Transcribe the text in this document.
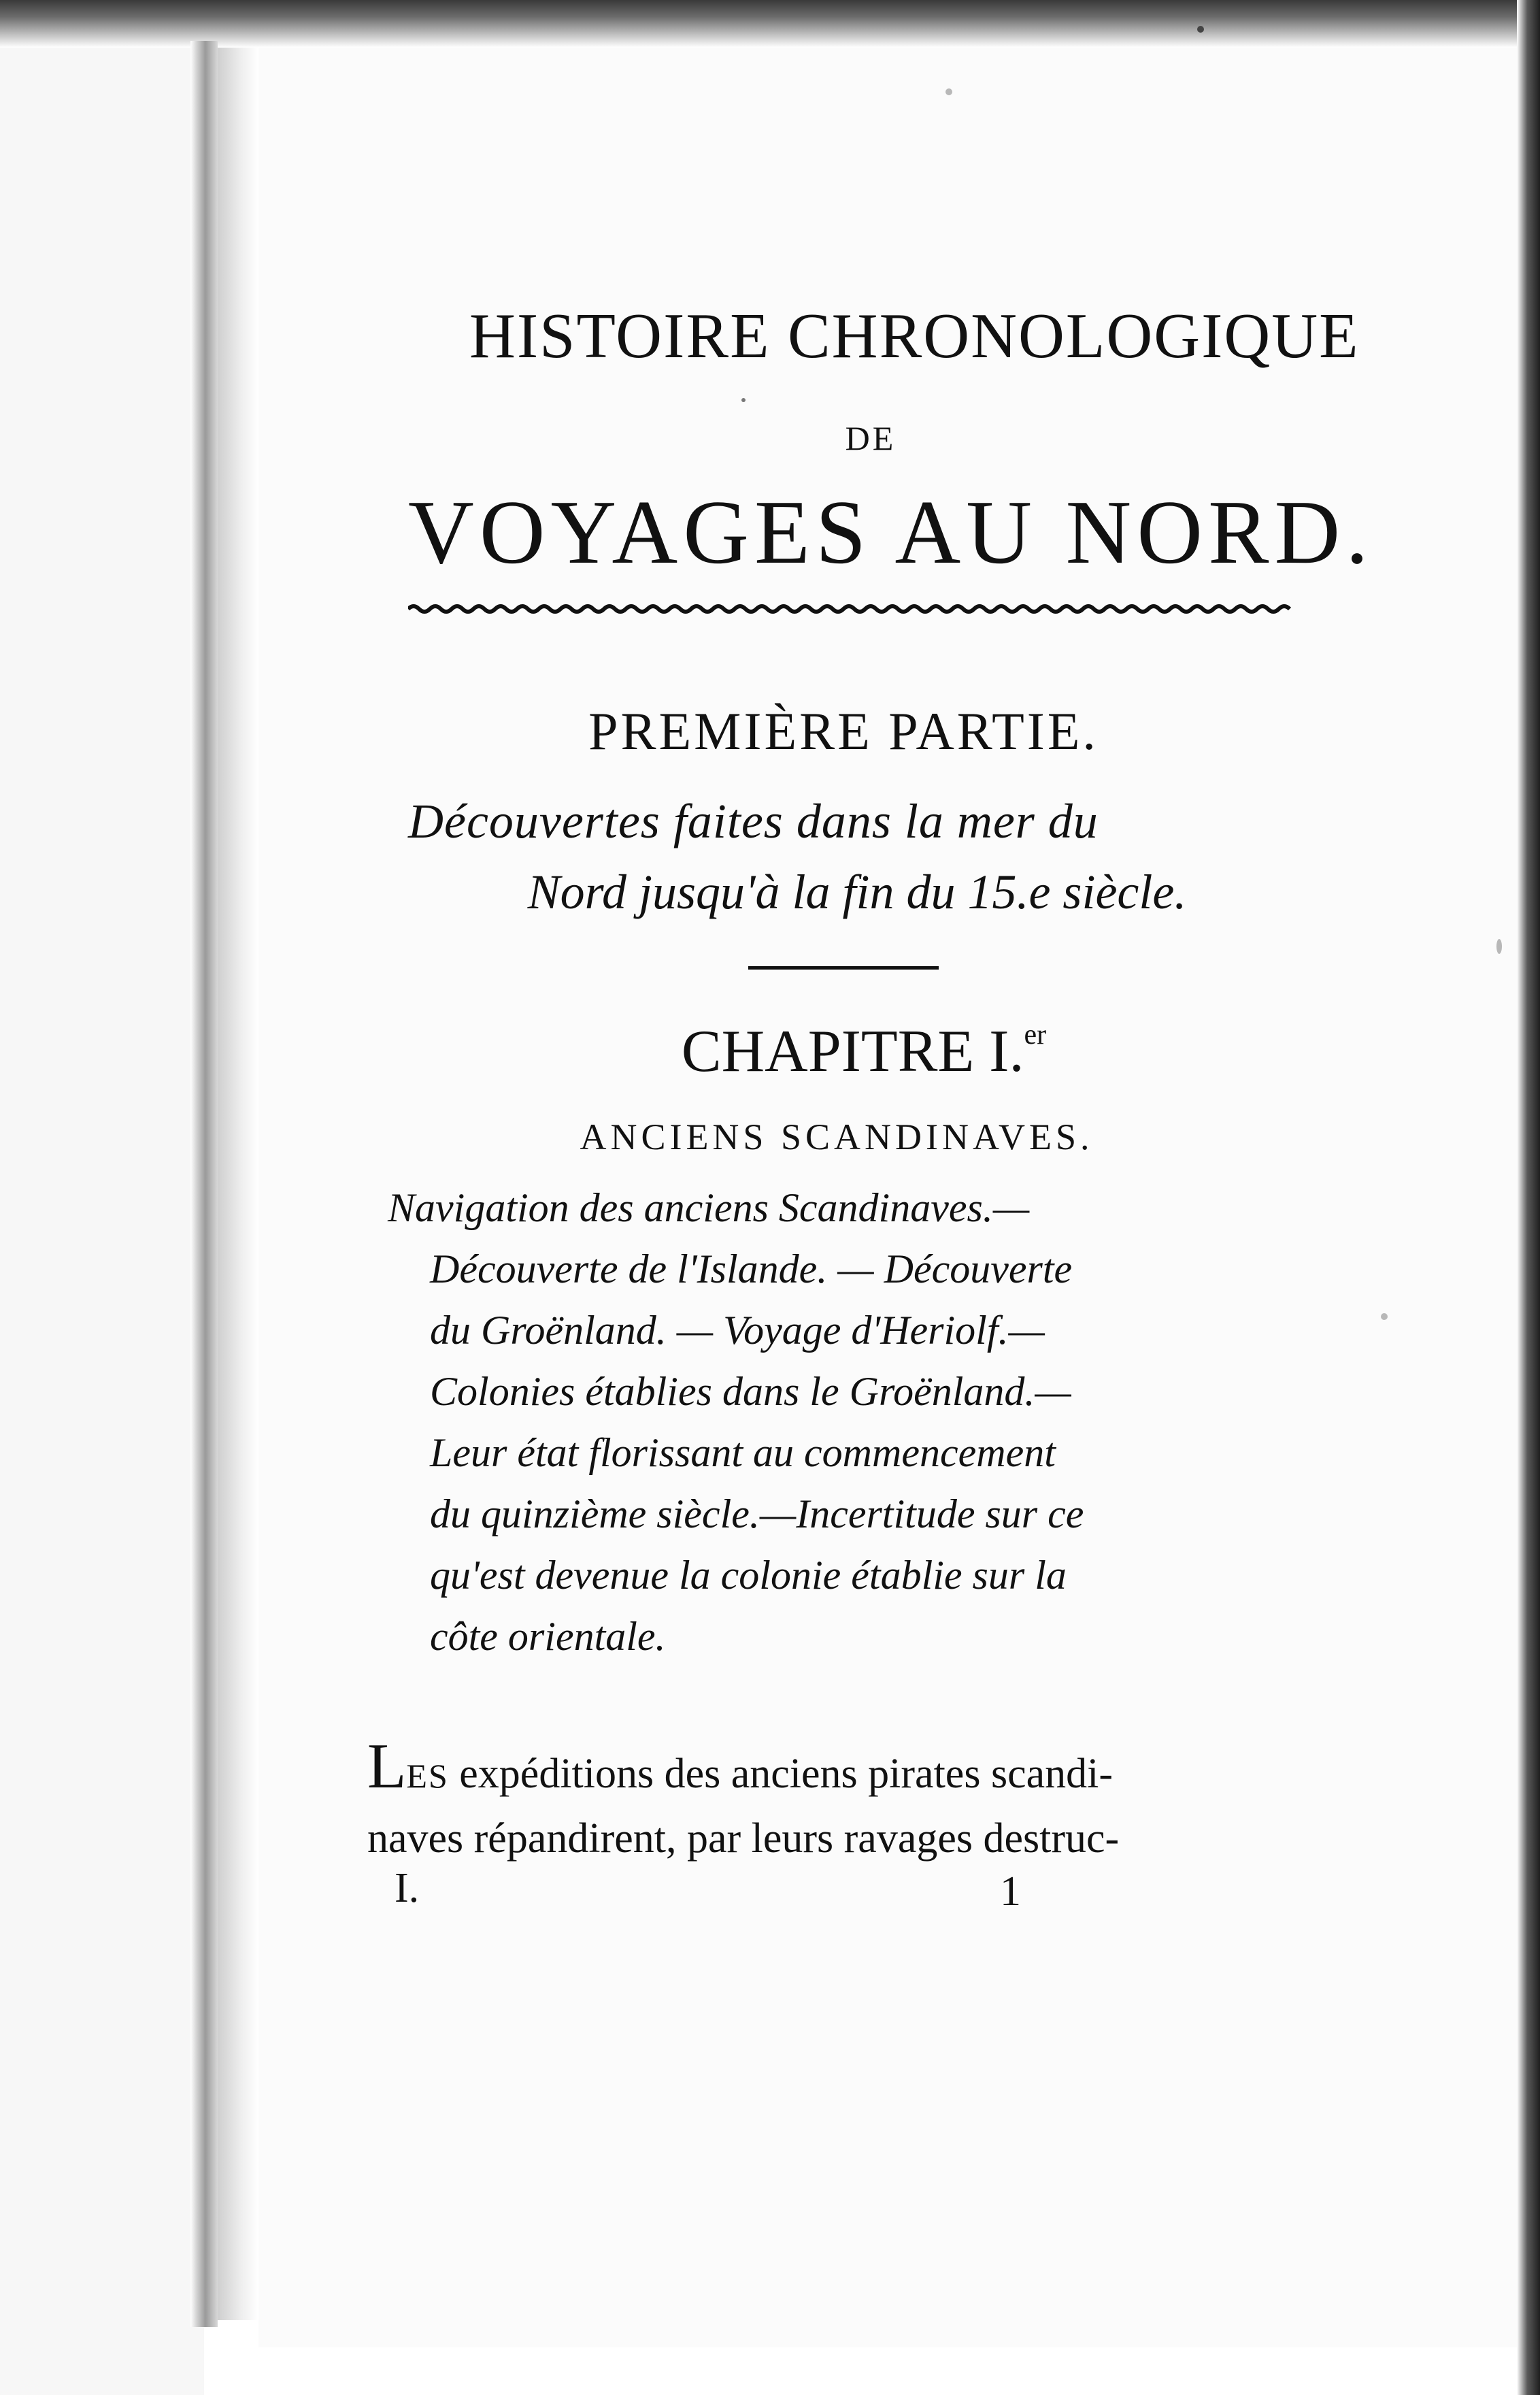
HISTOIRE CHRONOLOGIQUE
DE
VOYAGES AU NORD.
PREMIÈRE PARTIE.
Découvertes faites dans la mer du
Nord jusqu'à la fin du 15.e siècle.
CHAPITRE I.$^{er}$
ANCIENS SCANDINAVES.
Navigation des anciens Scandinaves.—
Découverte de l'Islande. — Découverte
du Groënland. — Voyage d'Heriolf.—
Colonies établies dans le Groënland.—
Leur état florissant au commencement
du quinzième siècle.—Incertitude sur ce
qu'est devenue la colonie établie sur la
côte orientale.
LES expéditions des anciens pirates scandi-
naves répandirent, par leurs ravages destruc-
I.	1
